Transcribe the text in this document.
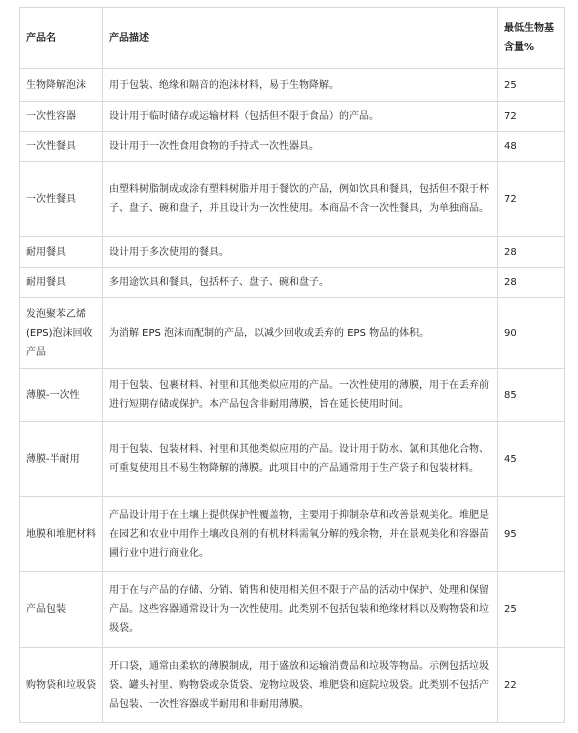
产品名	产品描述	最低生物基含量%
生物降解泡沫	用于包装、绝缘和隔音的泡沫材料，易于生物降解。	25
一次性容器	设计用于临时储存或运输材料（包括但不限于食品）的产品。	72
一次性餐具	设计用于一次性食用食物的手持式一次性器具。	48
一次性餐具	由塑料树脂制成或涂有塑料树脂并用于餐饮的产品，例如饮具和餐具，包括但不限于杯子、盘子、碗和盘子，并且设计为一次性使用。本商品不含一次性餐具，为单独商品。	72
耐用餐具	设计用于多次使用的餐具。	28
耐用餐具	多用途饮具和餐具，包括杯子、盘子、碗和盘子。	28
发泡聚苯乙烯(EPS)泡沫回收产品	为消解 EPS 泡沫而配制的产品，以减少回收或丢弃的 EPS 物品的体积。	90
薄膜-一次性	用于包装、包裹材料、衬里和其他类似应用的产品。一次性使用的薄膜，用于在丢弃前进行短期存储或保护。本产品包含非耐用薄膜，旨在延长使用时间。	85
薄膜-半耐用	用于包装、包装材料、衬里和其他类似应用的产品。设计用于防水、氯和其他化合物、可重复使用且不易生物降解的薄膜。此项目中的产品通常用于生产袋子和包装材料。	45
地膜和堆肥材料	产品设计用于在土壤上提供保护性覆盖物，主要用于抑制杂草和改善景观美化。堆肥是在园艺和农业中用作土壤改良剂的有机材料需氧分解的残余物，并在景观美化和容器苗圃行业中进行商业化。	95
产品包装	用于在与产品的存储、分销、销售和使用相关但不限于产品的活动中保护、处理和保留产品。这些容器通常设计为一次性使用。此类别不包括包装和绝缘材料以及购物袋和垃圾袋。	25
购物袋和垃圾袋	开口袋，通常由柔软的薄膜制成，用于盛放和运输消费品和垃圾等物品。示例包括垃圾袋、罐头衬里、购物袋或杂货袋、宠物垃圾袋、堆肥袋和庭院垃圾袋。此类别不包括产品包装、一次性容器或半耐用和非耐用薄膜。	22
